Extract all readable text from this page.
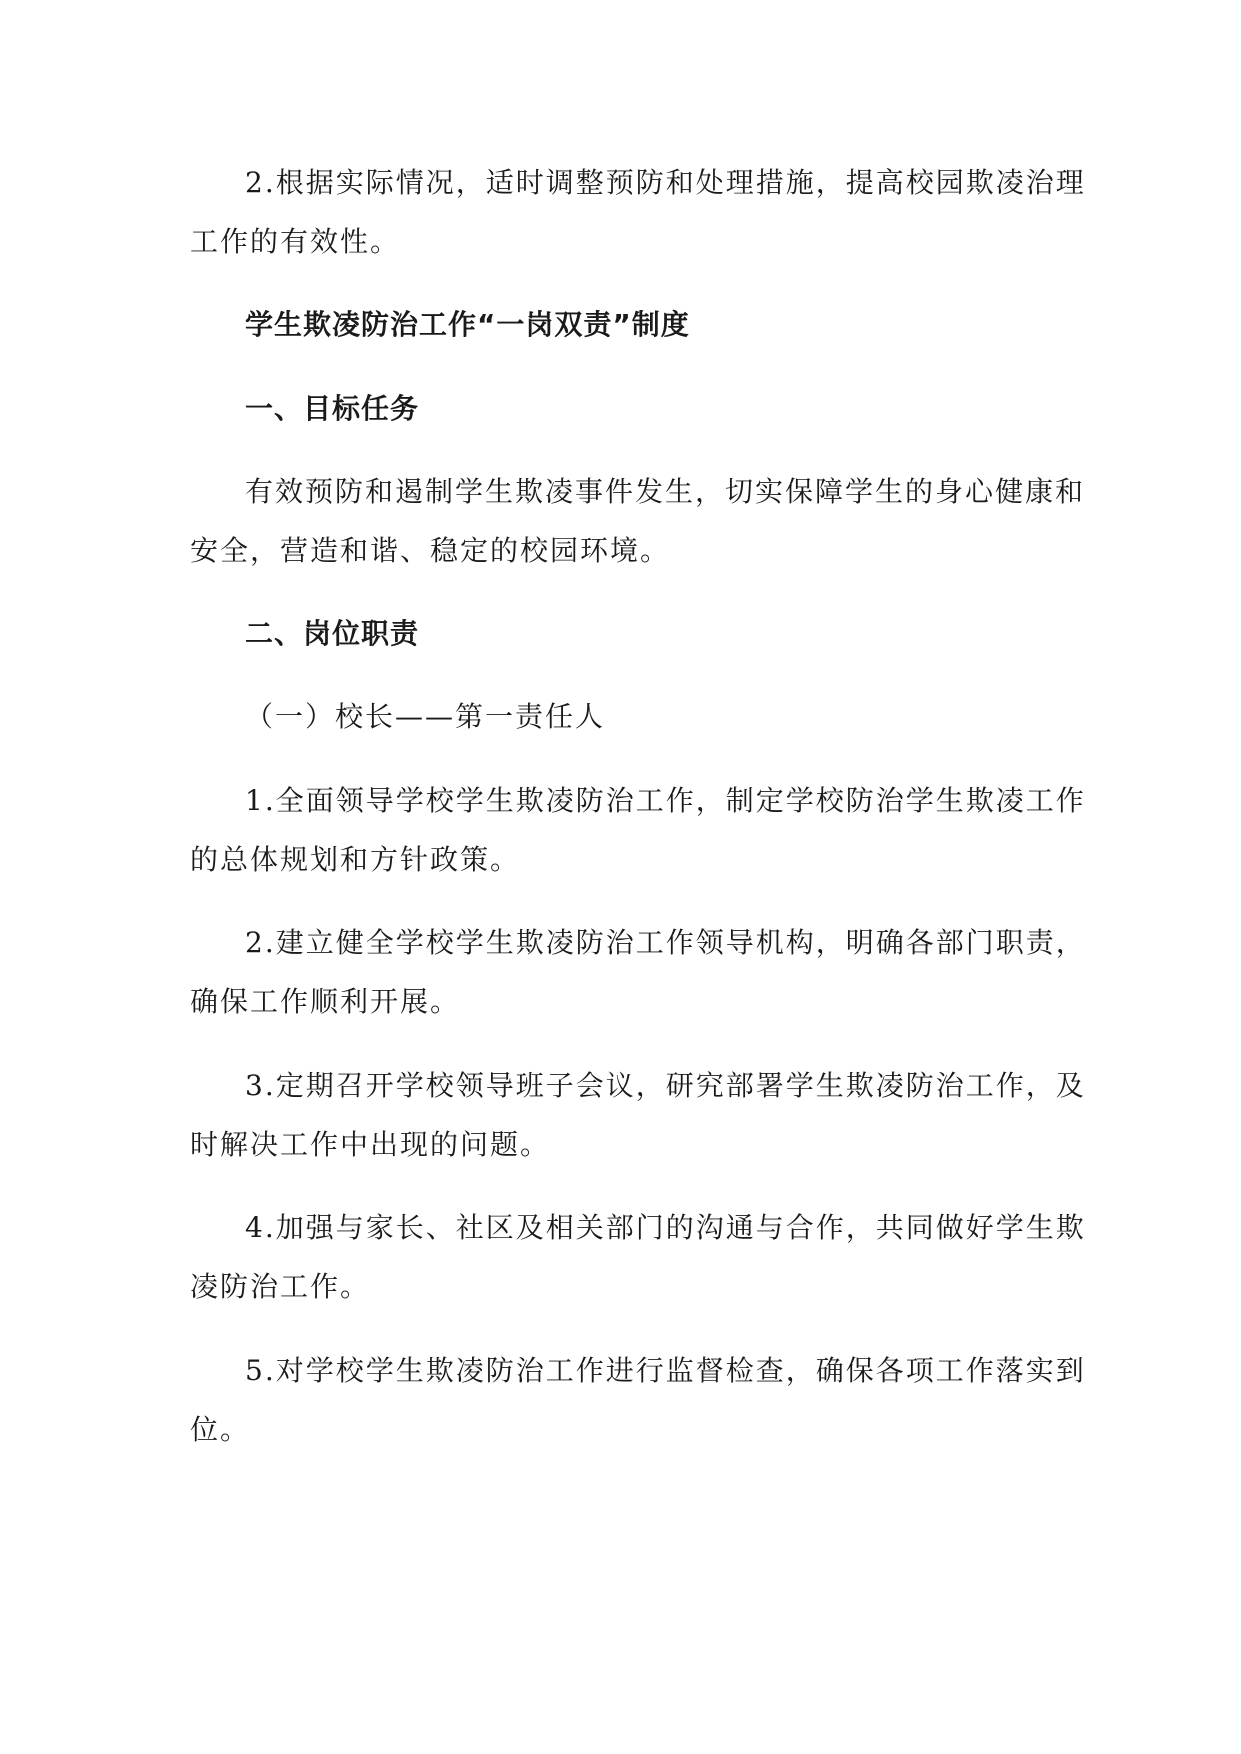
2.根据实际情况，适时调整预防和处理措施，提高校园欺凌治理
工作的有效性。
学生欺凌防治工作“一岗双责”制度
一、目标任务
有效预防和遏制学生欺凌事件发生，切实保障学生的身心健康和
安全，营造和谐、稳定的校园环境。
二、岗位职责
（一）校长——第一责任人
1.全面领导学校学生欺凌防治工作，制定学校防治学生欺凌工作
的总体规划和方针政策。
2.建立健全学校学生欺凌防治工作领导机构，明确各部门职责，
确保工作顺利开展。
3.定期召开学校领导班子会议，研究部署学生欺凌防治工作，及
时解决工作中出现的问题。
4.加强与家长、社区及相关部门的沟通与合作，共同做好学生欺
凌防治工作。
5.对学校学生欺凌防治工作进行监督检查，确保各项工作落实到
位。
